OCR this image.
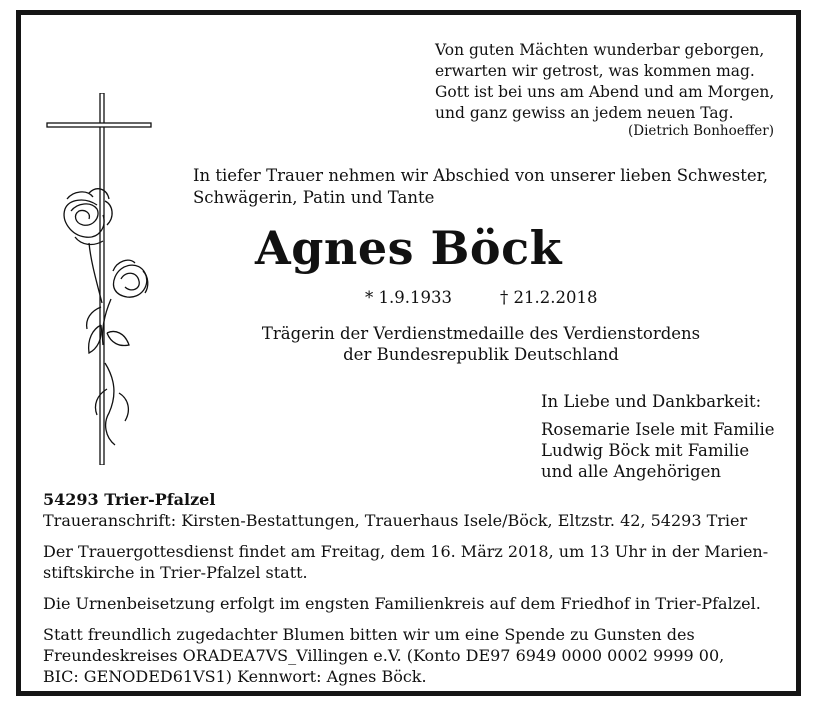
Von guten Mächten wunderbar geborgen,
erwarten wir getrost, was kommen mag.
Gott ist bei uns am Abend und am Morgen,
und ganz gewiss an jedem neuen Tag.
(Dietrich Bonhoeffer)
In tiefer Trauer nehmen wir Abschied von unserer lieben Schwester,
Schwägerin, Patin und Tante
Agnes Böck
* 1.9.1933	† 21.2.2018
Trägerin der Verdienstmedaille des Verdienstordens
der Bundesrepublik Deutschland
In Liebe und Dankbarkeit:
Rosemarie Isele mit Familie
Ludwig Böck mit Familie
und alle Angehörigen

54293 Trier-Pfalzel

Traueranschrift: Kirsten-Bestattungen, Trauerhaus Isele/Böck, Eltzstr. 42, 54293 Trier

Der Trauergottesdienst findet am Freitag, dem 16. März 2018, um 13 Uhr in der Marien-

stiftskirche in Trier-Pfalzel statt.

Die Urnenbeisetzung erfolgt im engsten Familienkreis auf dem Friedhof in Trier-Pfalzel.

Statt freundlich zugedachter Blumen bitten wir um eine Spende zu Gunsten des

Freundeskreises ORADEA7VS_Villingen e.V. (Konto DE97 6949 0000 0002 9999 00,

BIC: GENODED61VS1) Kennwort: Agnes Böck.
